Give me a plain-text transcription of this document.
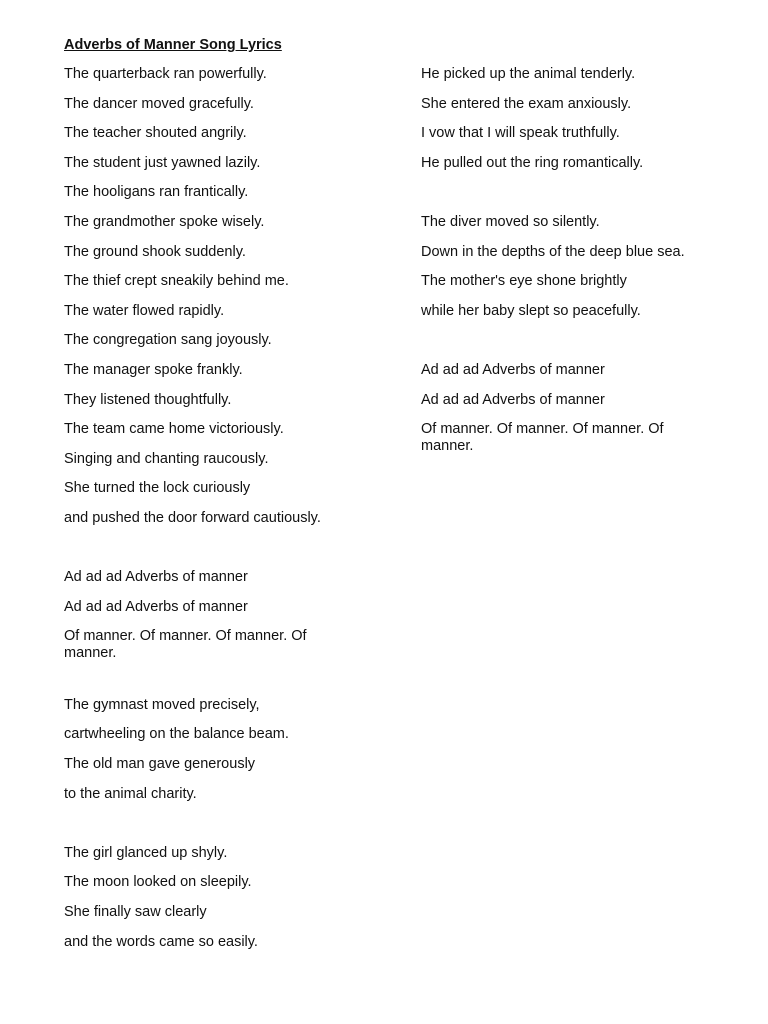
Adverbs of Manner Song Lyrics
The quarterback ran powerfully.
The dancer moved gracefully.
The teacher shouted angrily.
The student just yawned lazily.
The hooligans ran frantically.
The grandmother spoke wisely.
The ground shook suddenly.
The thief crept sneakily behind me.
The water flowed rapidly.
The congregation sang joyously.
The manager spoke frankly.
They listened thoughtfully.
The team came home victoriously.
Singing and chanting raucously.
She turned the lock curiously
and pushed the door forward cautiously.
Ad ad ad Adverbs of manner
Ad ad ad Adverbs of manner
Of manner. Of manner. Of manner. Of manner.
The gymnast moved precisely,
cartwheeling on the balance beam.
The old man gave generously
to the animal charity.
The girl glanced up shyly.
The moon looked on sleepily.
She finally saw clearly
and the words came so easily.
He picked up the animal tenderly.
She entered the exam anxiously.
I vow that I will speak truthfully.
He pulled out the ring romantically.
The diver moved so silently.
Down in the depths of the deep blue sea.
The mother's eye shone brightly
while her baby slept so peacefully.
Ad ad ad Adverbs of manner
Ad ad ad Adverbs of manner
Of manner. Of manner. Of manner. Of manner.
